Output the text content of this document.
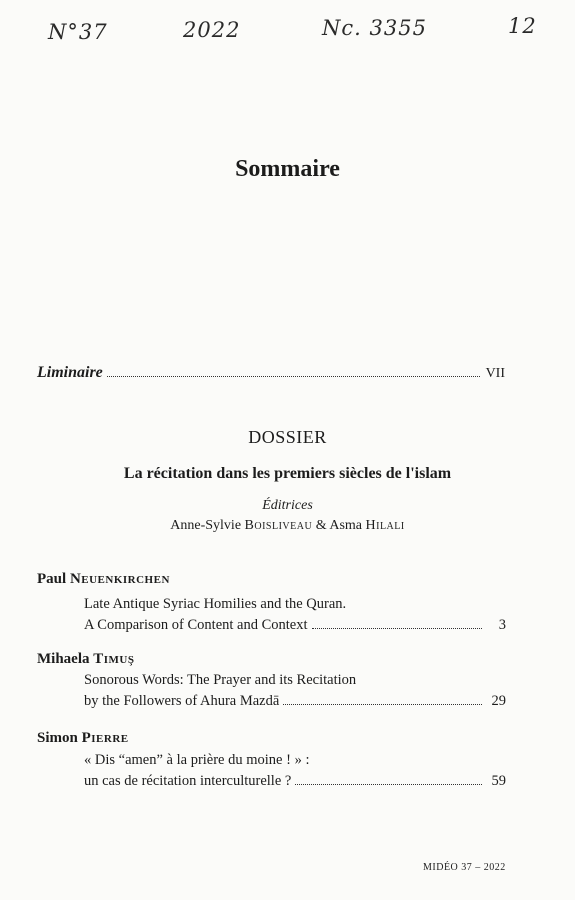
N°37	2022	Nc. 3355	12
Sommaire
Liminaire	VII
DOSSIER
La récitation dans les premiers siècles de l'islam
Éditrices
Anne-Sylvie Boisliveau & Asma Hilali
Paul Neuenkirchen
Late Antique Syriac Homilies and the Quran.
A Comparison of Content and Context	3
Mihaela Timuş
Sonorous Words: The Prayer and its Recitation
by the Followers of Ahura Mazdā	29
Simon Pierre
« Dis “amen” à la prière du moine ! » :
un cas de récitation interculturelle ?	59
MIDÉO 37 – 2022
